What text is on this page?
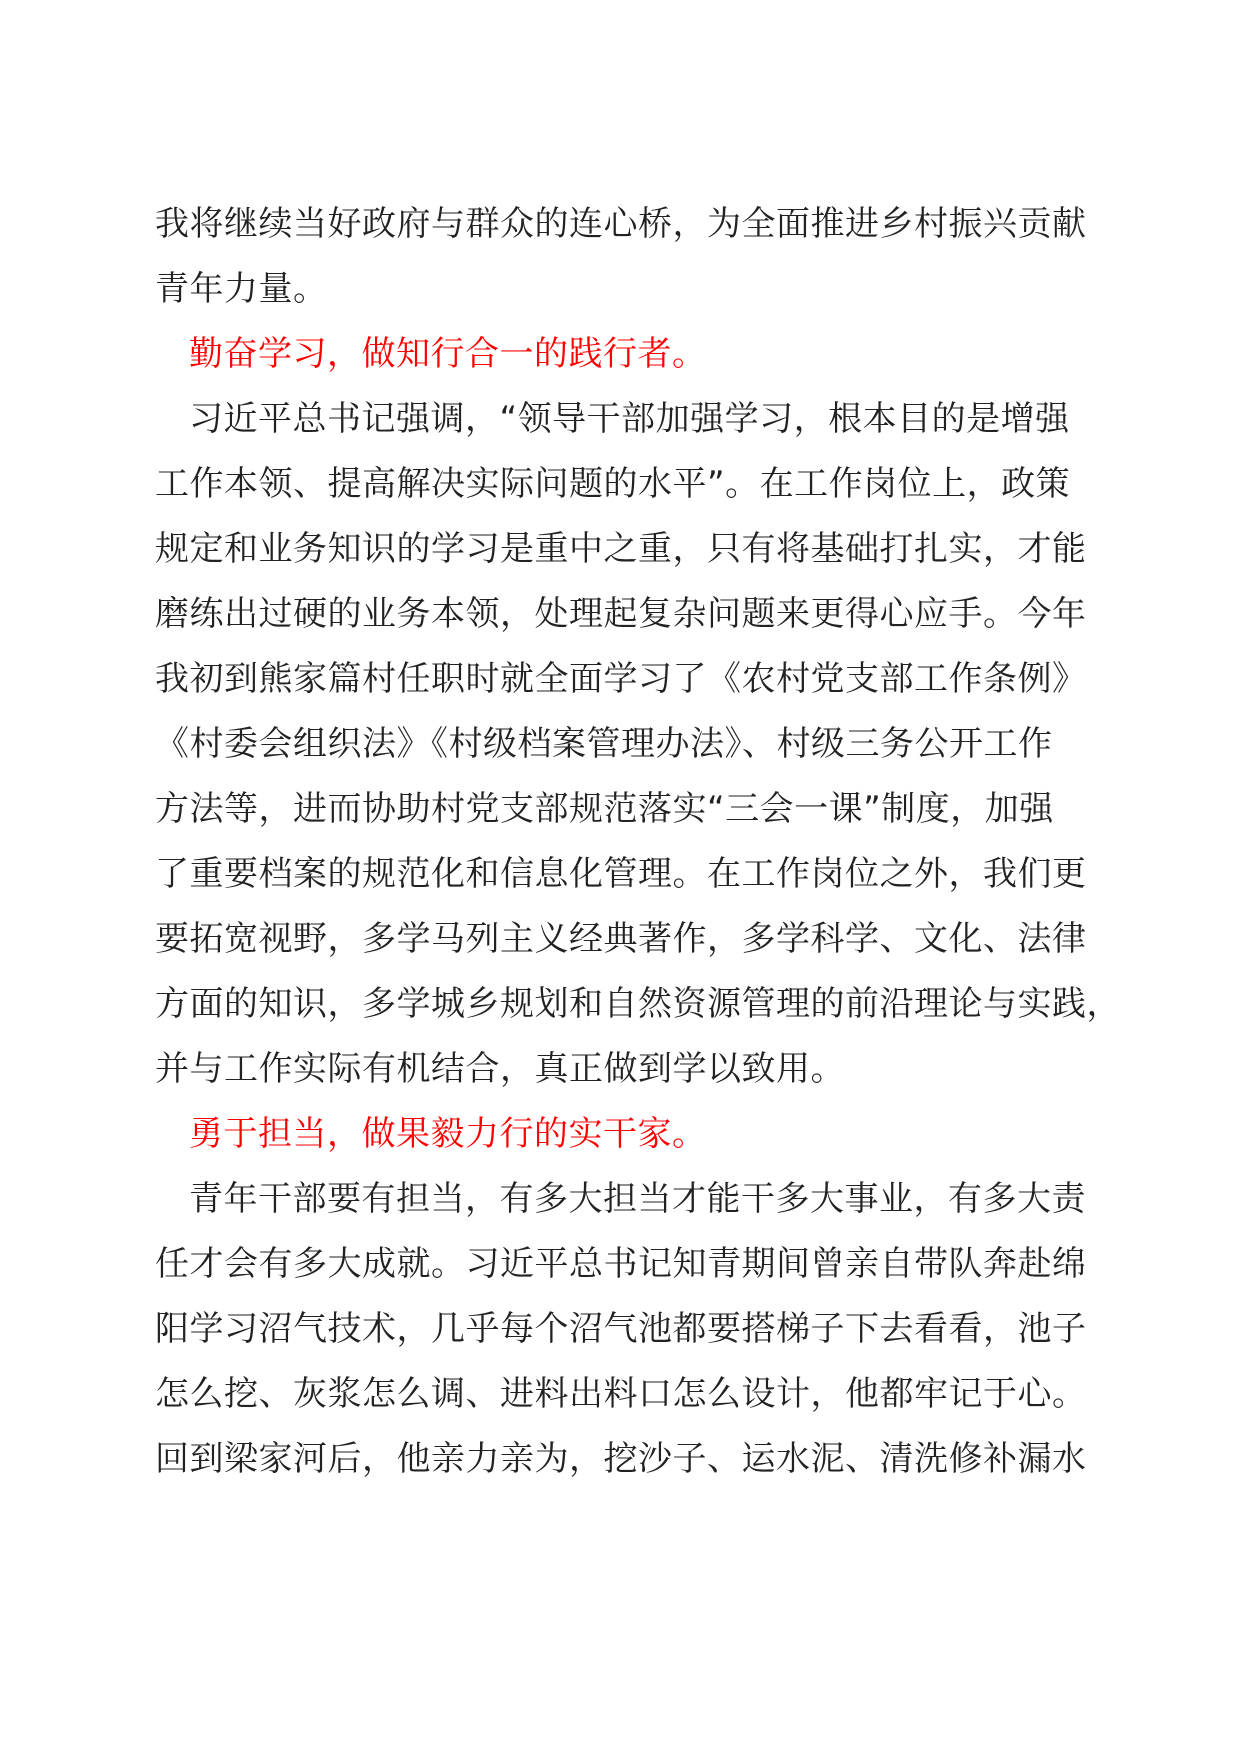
我将继续当好政府与群众的连心桥，为全面推进乡村振兴贡献
青年力量。
勤奋学习，做知行合一的践行者。
习近平总书记强调，“领导干部加强学习，根本目的是增强
工作本领、提高解决实际问题的水平”。在工作岗位上，政策
规定和业务知识的学习是重中之重，只有将基础打扎实，才能
磨练出过硬的业务本领，处理起复杂问题来更得心应手。今年
我初到熊家篇村任职时就全面学习了《农村党支部工作条例》
《村委会组织法》《村级档案管理办法》、村级三务公开工作
方法等，进而协助村党支部规范落实“三会一课”制度，加强
了重要档案的规范化和信息化管理。在工作岗位之外，我们更
要拓宽视野，多学马列主义经典著作，多学科学、文化、法律
方面的知识，多学城乡规划和自然资源管理的前沿理论与实践，
并与工作实际有机结合，真正做到学以致用。
勇于担当，做果毅力行的实干家。
青年干部要有担当，有多大担当才能干多大事业，有多大责
任才会有多大成就。习近平总书记知青期间曾亲自带队奔赴绵
阳学习沼气技术，几乎每个沼气池都要搭梯子下去看看，池子
怎么挖、灰浆怎么调、进料出料口怎么设计，他都牢记于心。
回到梁家河后，他亲力亲为，挖沙子、运水泥、清洗修补漏水
